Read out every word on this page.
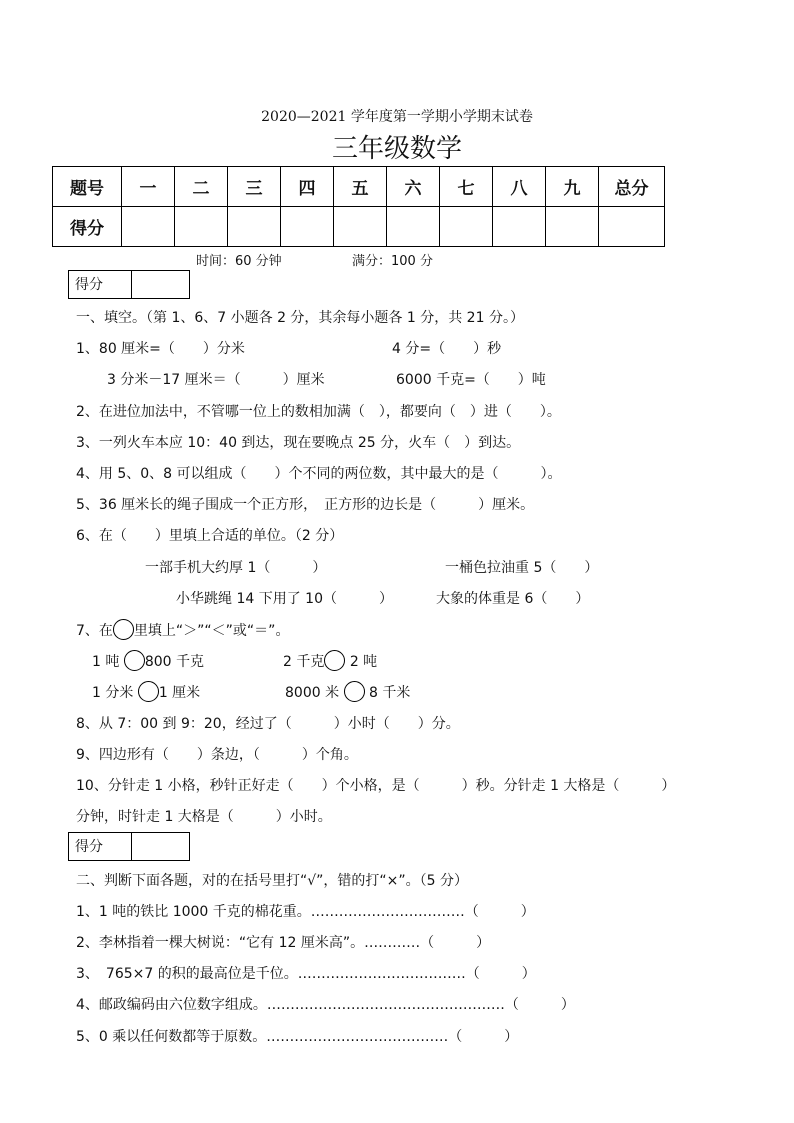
2020—2021 学年度第一学期小学期末试卷
三年级数学
题号	一	二	三	四	五	六	七	八	九	总分
得分										
时间：60 分钟	满分：100 分
得分
一、填空。（第 1、6、7 小题各 2 分，其余每小题各 1 分，共 21 分。）
1、80 厘米=（　　）分米	4 分=（　　）秒
3 分米－17 厘米＝（　　　）厘米	6000 千克=（　　）吨
2、在进位加法中，不管哪一位上的数相加满（　），都要向（　）进（　　）。
3、一列火车本应 10：40 到达，现在要晚点 25 分，火车（　）到达。
4、用 5、0、8 可以组成（　　）个不同的两位数，其中最大的是（　　　）。
5、36 厘米长的绳子围成一个正方形，　正方形的边长是（　　　）厘米。
6、在（　　）里填上合适的单位。（2 分）
一部手机大约厚 1（　　　）	一桶色拉油重 5（　　）
小华跳绳 14 下用了 10（　　　）	大象的体重是 6（　　）
7、在 里填上“＞”“＜”或“＝”。
1 吨 800 千克	2 千克 2 吨
1 分米 1 厘米	8000 米 8 千米
8、从 7：00 到 9：20，经过了（　　　）小时（　　）分。
9、四边形有（　　）条边，（　　　）个角。
10、分针走 1 小格，秒针正好走（　　）个小格，是（　　　）秒。分针走 1 大格是（　　　）
分钟，时针走 1 大格是（　　　）小时。
得分
二、判断下面各题，对的在括号里打“√”，错的打“×”。（5 分）
1、1 吨的铁比 1000 千克的棉花重。……………………………（　　　）
2、李林指着一棵大树说：“它有 12 厘米高”。…………（　　　）
3、　765×7 的积的最高位是千位。………………………………（　　　）
4、邮政编码由六位数字组成。……………………………………………（　　　）
5、0 乘以任何数都等于原数。…………………………………（　　　）
